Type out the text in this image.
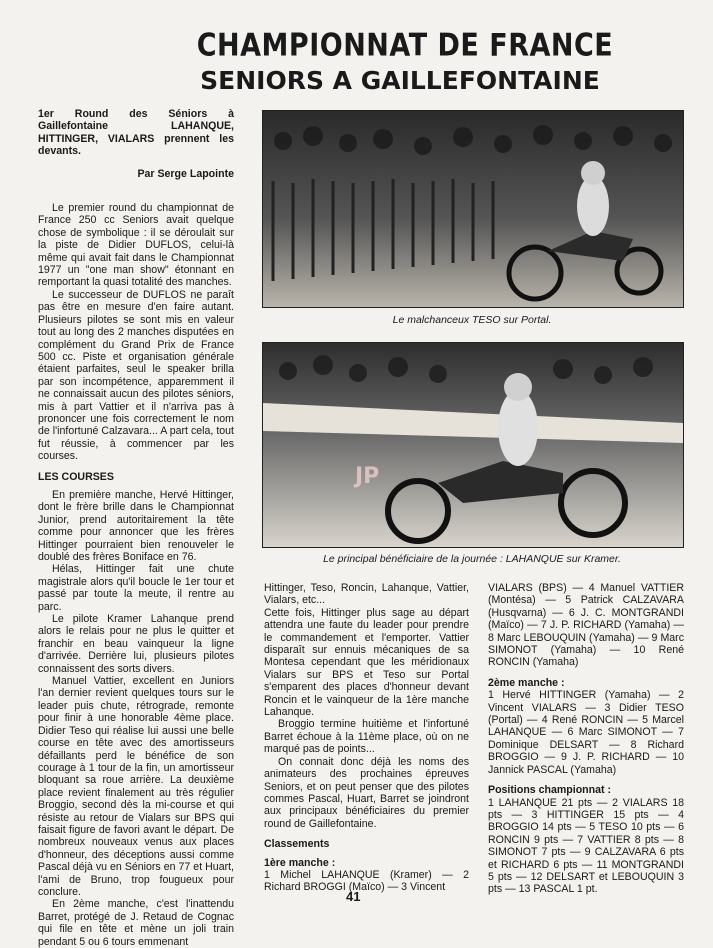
CHAMPIONNAT DE FRANCE
SENIORS A GAILLEFONTAINE

1er Round des Séniors à Gaillefontaine LAHANQUE, HITTINGER, VIALARS prennent les devants.

Par Serge Lapointe

Le premier round du championnat de France 250 cc Seniors avait quelque chose de symbolique : il se déroulait sur la piste de Didier DUFLOS, celui-là même qui avait fait dans le Championnat 1977 un "one man show" étonnant en remportant la quasi totalité des manches.

Le successeur de DUFLOS ne paraît pas être en mesure d'en faire autant. Plusieurs pilotes se sont mis en valeur tout au long des 2 manches disputées en complément du Grand Prix de France 500 cc. Piste et organisation générale étaient parfaites, seul le speaker brilla par son incompétence, apparemment il ne connaissait aucun des pilotes séniors, mis à part Vattier et il n'arriva pas à prononcer une fois correctement le nom de l'infortuné Calzavara... A part cela, tout fut réussie, à commencer par les courses.

LES COURSES

En première manche, Hervé Hittinger, dont le frère brille dans le Championnat Junior, prend autoritairement la tête comme pour annoncer que les frères Hittinger pourraient bien renouveler le doublé des frères Boniface en 76.

Hélas, Hittinger fait une chute magistrale alors qu'il boucle le 1er tour et passé par toute la meute, il rentre au parc.

Le pilote Kramer Lahanque prend alors le relais pour ne plus le quitter et franchir en beau vainqueur la ligne d'arrivée. Derrière lui, plusieurs pilotes connaissent des sorts divers.

Manuel Vattier, excellent en Juniors l'an dernier revient quelques tours sur le leader puis chute, rétrograde, remonte pour finir à une honorable 4ème place. Didier Teso qui réalise lui aussi une belle course en tête avec des amortisseurs défaillants perd le bénéfice de son courage à 1 tour de la fin, un amortisseur bloquant sa roue arrière. La deuxième place revient finalement au très régulier Broggio, second dès la mi-course et qui résiste au retour de Vialars sur BPS qui faisait figure de favori avant le départ. De nombreux nouveaux venus aux places d'honneur, des déceptions aussi comme Pascal déjà vu en Séniors en 77 et Huart, l'ami de Bruno, trop fougueux pour conclure.

En 2ème manche, c'est l'inattendu Barret, protégé de J. Retaud de Cognac qui file en tête et mène un joli train pendant 5 ou 6 tours emmenant

Le malchanceux TESO sur Portal.
JP
Le principal bénéficiaire de la journée : LAHANQUE sur Kramer.

Hittinger, Teso, Roncin, Lahanque, Vattier, Vialars, etc...

Cette fois, Hittinger plus sage au départ attendra une faute du leader pour prendre le commandement et l'emporter. Vattier disparaît sur ennuis mécaniques de sa Montesa cependant que les méridionaux Vialars sur BPS et Teso sur Portal s'emparent des places d'honneur devant Roncin et le vainqueur de la 1ère manche Lahanque.

Broggio termine huitième et l'infortuné Barret échoue à la 11ème place, où on ne marqué pas de points...

On connait donc déjà les noms des animateurs des prochaines épreuves Seniors, et on peut penser que des pilotes commes Pascal, Huart, Barret se joindront aux principaux bénéficiaires du premier round de Gaillefontaine.

Classements

1ère manche :

1 Michel LAHANQUE (Kramer) — 2 Richard BROGGI (Maïco) — 3 Vincent

VIALARS (BPS) — 4 Manuel VATTIER (Montésa) — 5 Patrick CALZAVARA (Husqvarna) — 6 J. C. MONTGRANDI (Maïco) — 7 J. P. RICHARD (Yamaha) — 8 Marc LEBOUQUIN (Yamaha) — 9 Marc SIMONOT (Yamaha) — 10 René RONCIN (Yamaha)

2ème manche :

1 Hervé HITTINGER (Yamaha) — 2 Vincent VIALARS — 3 Didier TESO (Portal) — 4 René RONCIN — 5 Marcel LAHANQUE — 6 Marc SIMONOT — 7 Dominique DELSART — 8 Richard BROGGIO — 9 J. P. RICHARD — 10 Jannick PASCAL (Yamaha)

Positions championnat :

1 LAHANQUE 21 pts — 2 VIALARS 18 pts — 3 HITTINGER 15 pts — 4 BROGGIO 14 pts — 5 TESO 10 pts — 6 RONCIN 9 pts — 7 VATTIER 8 pts — 8 SIMONOT 7 pts — 9 CALZAVARA 6 pts et RICHARD 6 pts — 11 MONTGRANDI 5 pts — 12 DELSART et LEBOUQUIN 3 pts — 13 PASCAL 1 pt.

41
